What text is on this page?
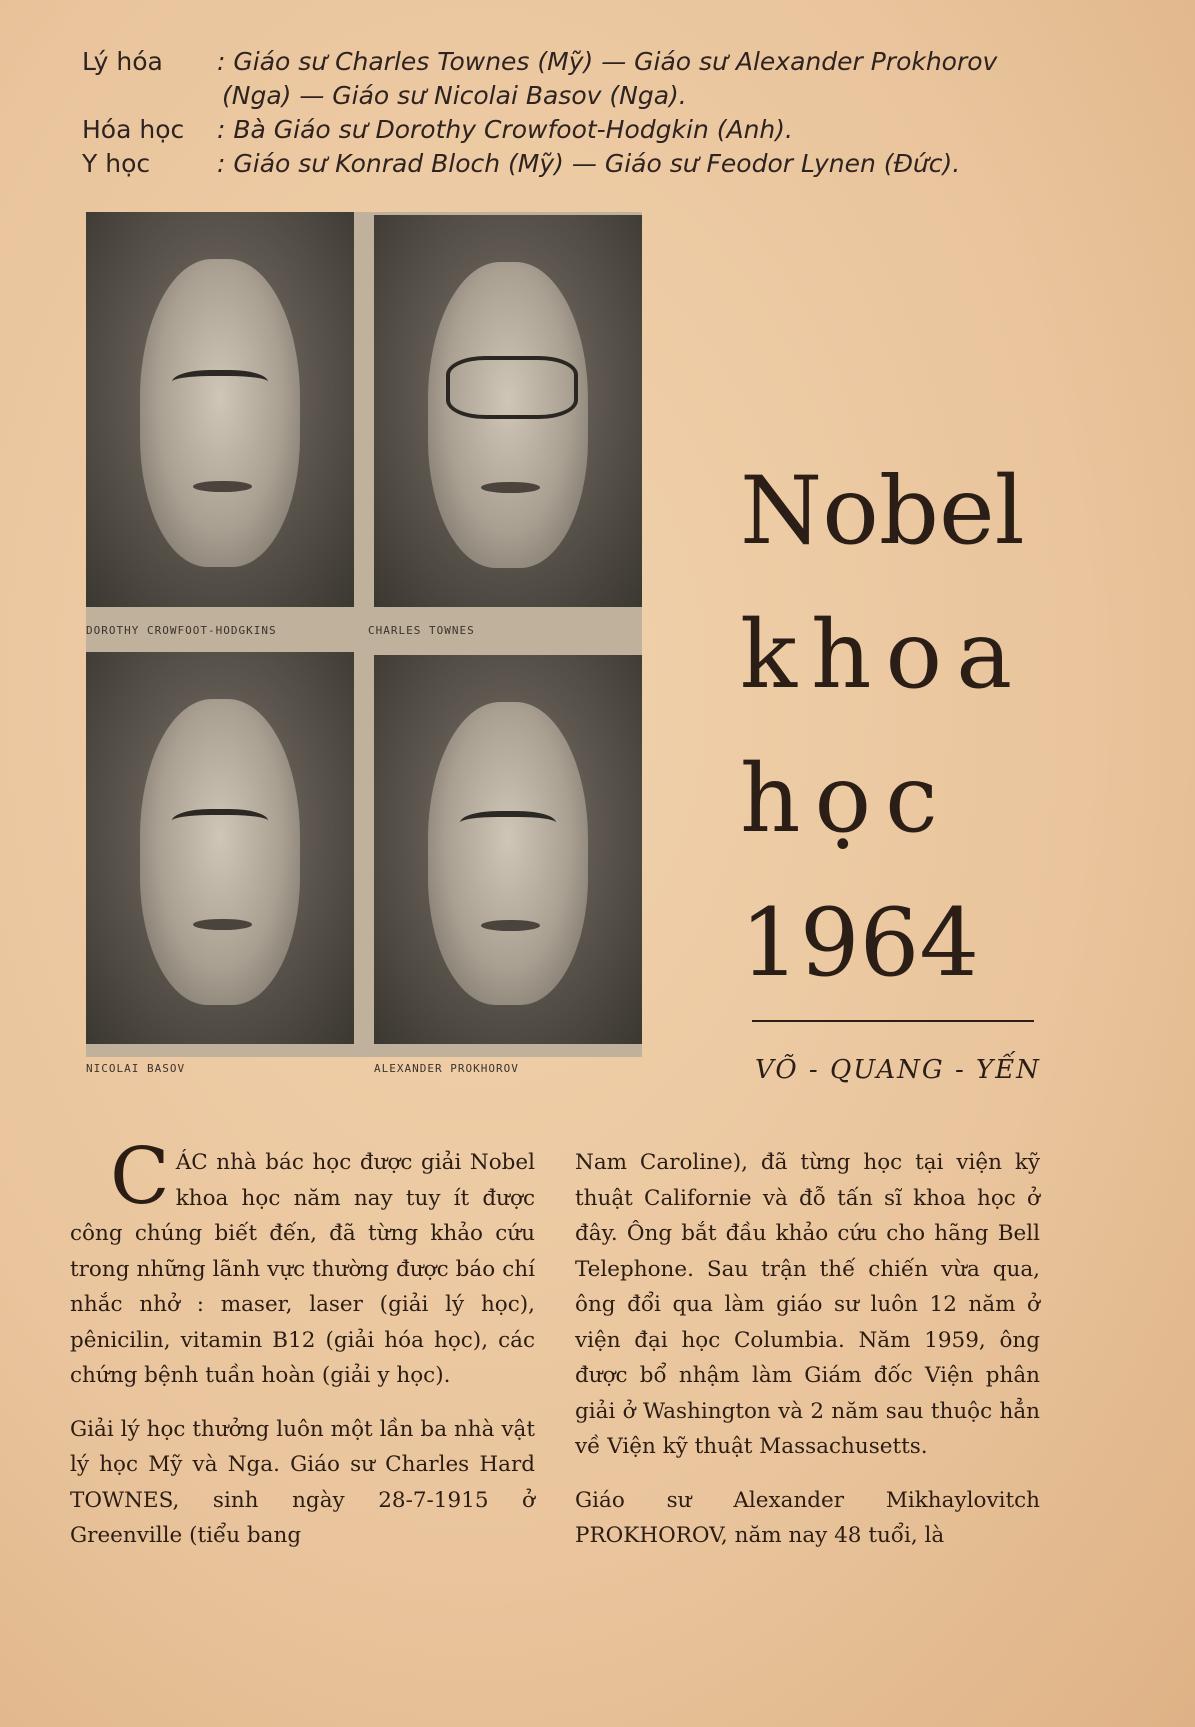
Lý hóa : Giáo sư Charles Townes (Mỹ) — Giáo sư Alexander Prokhorov
(Nga) — Giáo sư Nicolai Basov (Nga).
Hóa học : Bà Giáo sư Dorothy Crowfoot-Hodgkin (Anh).
Y học	: Giáo sư Konrad Bloch (Mỹ) — Giáo sư Feodor Lynen (Đức).
DOROTHY CROWFOOT-HODGKINS	CHARLES TOWNES
NICOLAI BASOV	ALEXANDER PROKHOROV
Nobel
khoa
học
1964
VÕ - QUANG - YẾN

CÁC nhà bác học được giải Nobel khoa học năm nay tuy ít được công chúng biết đến, đã từng khảo cứu trong những lãnh vực thường được báo chí nhắc nhở : maser, laser (giải lý học), pênicilin, vitamin B12 (giải hóa học), các chứng bệnh tuần hoàn (giải y học).

Giải lý học thưởng luôn một lần ba nhà vật lý học Mỹ và Nga. Giáo sư Charles Hard TOWNES, sinh ngày 28-7-1915 ở Greenville (tiểu bang

Nam Caroline), đã từng học tại viện kỹ thuật Californie và đỗ tấn sĩ khoa học ở đây. Ông bắt đầu khảo cứu cho hãng Bell Telephone. Sau trận thế chiến vừa qua, ông đổi qua làm giáo sư luôn 12 năm ở viện đại học Columbia. Năm 1959, ông được bổ nhậm làm Giám đốc Viện phân giải ở Washington và 2 năm sau thuộc hẳn về Viện kỹ thuật Massachusetts.

Giáo sư Alexander Mikhaylovitch PROKHOROV, năm nay 48 tuổi, là
